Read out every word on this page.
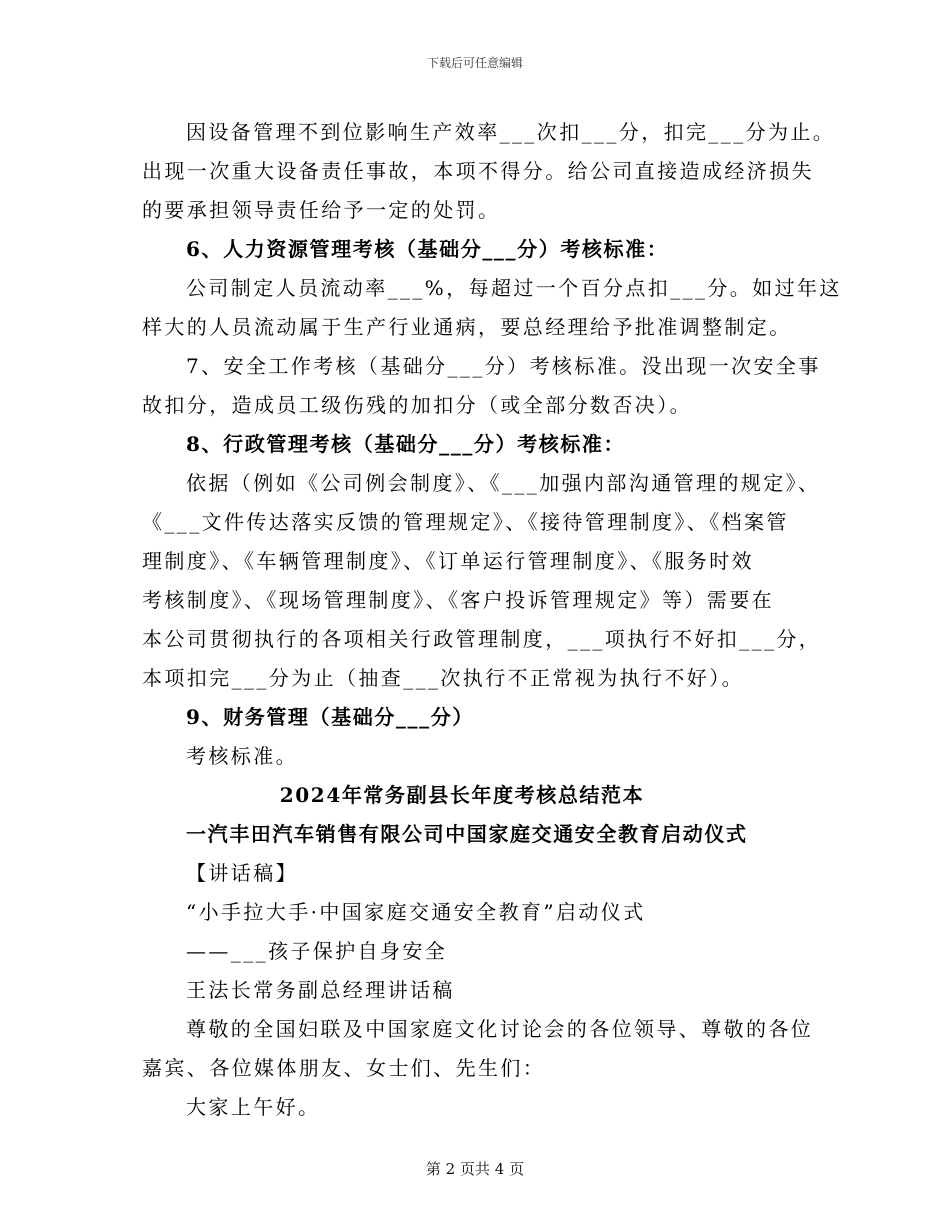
下载后可任意编辑
因设备管理不到位影响生产效率___次扣___分，扣完___分为止。
出现一次重大设备责任事故，本项不得分。给公司直接造成经济损失
的要承担领导责任给予一定的处罚。
6、人力资源管理考核（基础分___分）考核标准：
公司制定人员流动率___%，每超过一个百分点扣___分。如过年这
样大的人员流动属于生产行业通病，要总经理给予批准调整制定。
7、安全工作考核（基础分___分）考核标准。没出现一次安全事
故扣分，造成员工级伤残的加扣分（或全部分数否决）。
8、行政管理考核（基础分___分）考核标准：
依据（例如《公司例会制度》、《___加强内部沟通管理的规定》、
《___文件传达落实反馈的管理规定》、《接待管理制度》、《档案管
理制度》、《车辆管理制度》、《订单运行管理制度》、《服务时效
考核制度》、《现场管理制度》、《客户投诉管理规定》等）需要在
本公司贯彻执行的各项相关行政管理制度，___项执行不好扣___分，
本项扣完___分为止（抽查___次执行不正常视为执行不好）。
9、财务管理（基础分___分）
考核标准。
2024年常务副县长年度考核总结范本
一汽丰田汽车销售有限公司中国家庭交通安全教育启动仪式
【讲话稿】
“小手拉大手·中国家庭交通安全教育”启动仪式
——___孩子保护自身安全
王法长常务副总经理讲话稿
尊敬的全国妇联及中国家庭文化讨论会的各位领导、尊敬的各位
嘉宾、各位媒体朋友、女士们、先生们：
大家上午好。
第 2 页共 4 页
